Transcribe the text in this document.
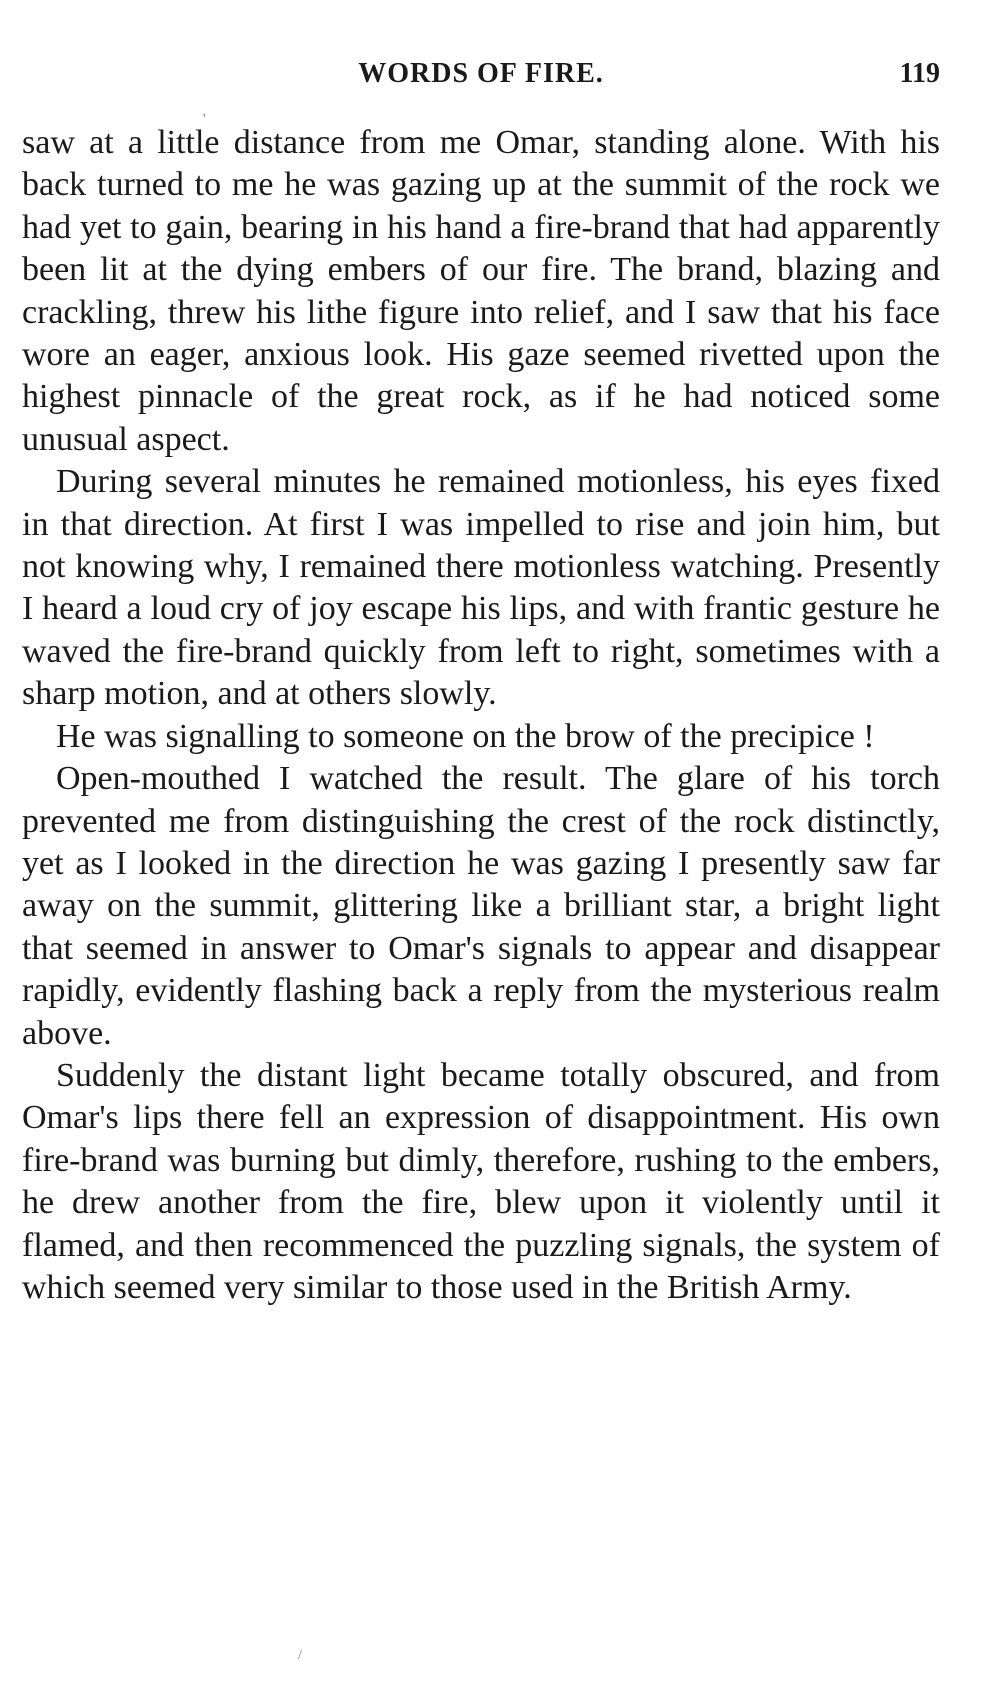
WORDS OF FIRE.	119

saw at a little distance from me Omar, standing alone. With his back turned to me he was gazing up at the summit of the rock we had yet to gain, bearing in his hand a fire-brand that had apparently been lit at the dying embers of our fire. The brand, blazing and crackling, threw his lithe figure into relief, and I saw that his face wore an eager, anxious look. His gaze seemed rivetted upon the highest pinnacle of the great rock, as if he had noticed some unusual aspect.

During several minutes he remained motionless, his eyes fixed in that direction. At first I was impelled to rise and join him, but not knowing why, I remained there motionless watching. Presently I heard a loud cry of joy escape his lips, and with frantic gesture he waved the fire-brand quickly from left to right, sometimes with a sharp motion, and at others slowly.

He was signalling to someone on the brow of the precipice !

Open-mouthed I watched the result. The glare of his torch prevented me from distinguishing the crest of the rock distinctly, yet as I looked in the direction he was gazing I presently saw far away on the summit, glittering like a brilliant star, a bright light that seemed in answer to Omar's signals to appear and disappear rapidly, evidently flashing back a reply from the mysterious realm above.

Suddenly the distant light became totally obscured, and from Omar's lips there fell an expression of disappointment. His own fire-brand was burning but dimly, therefore, rushing to the embers, he drew another from the fire, blew upon it violently until it flamed, and then recommenced the puzzling signals, the system of which seemed very similar to those used in the British Army.

'
/
